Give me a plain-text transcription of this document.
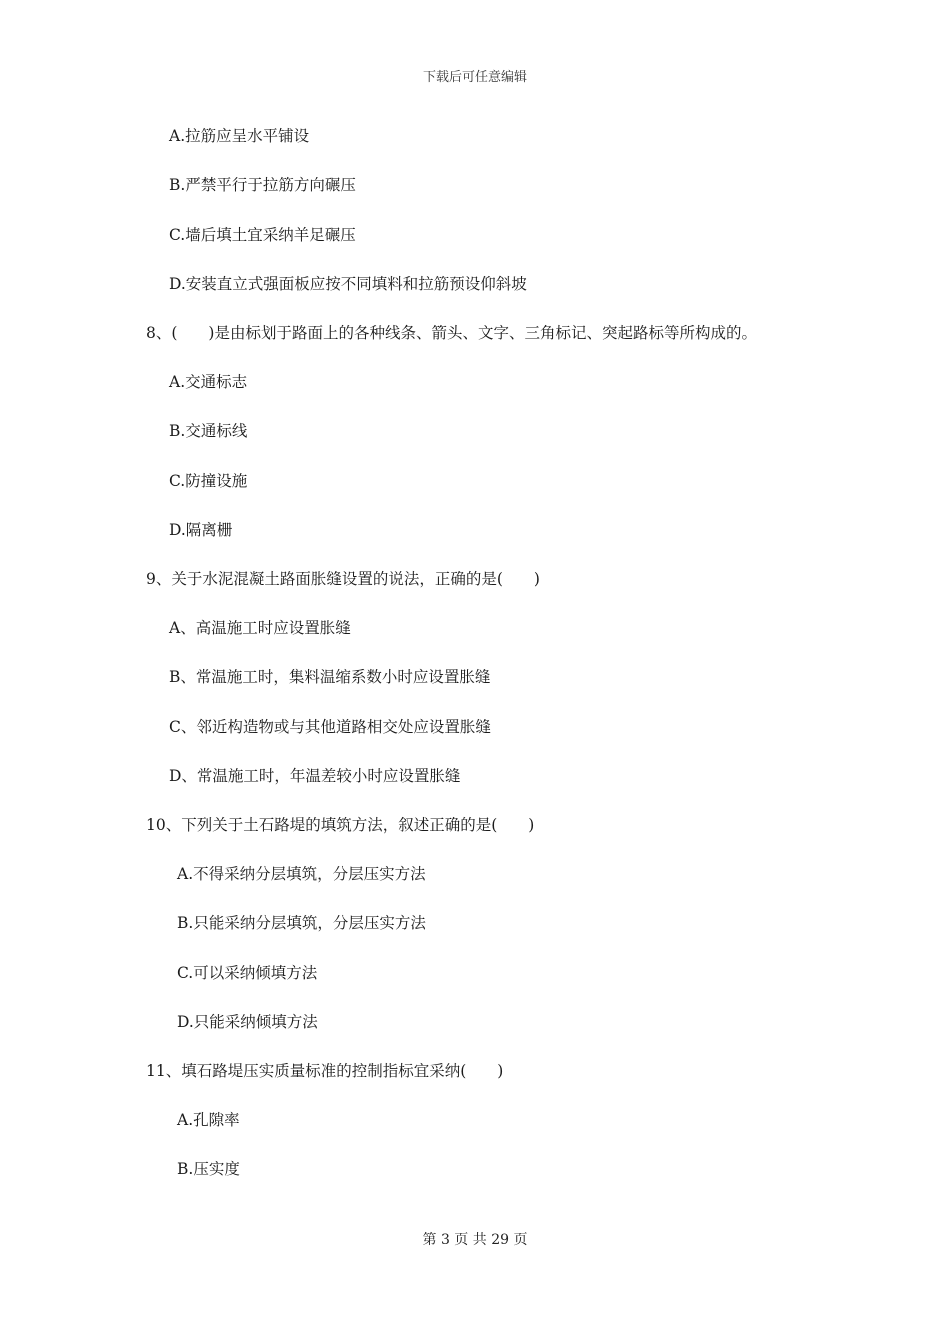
下载后可任意编辑
A.拉筋应呈水平铺设
B.严禁平行于拉筋方向碾压
C.墙后填土宜采纳羊足碾压
D.安装直立式强面板应按不同填料和拉筋预设仰斜坡
8、(　　)是由标划于路面上的各种线条、箭头、文字、三角标记、突起路标等所构成的。
A.交通标志
B.交通标线
C.防撞设施
D.隔离栅
9、关于水泥混凝土路面胀缝设置的说法，正确的是(　　)
A、高温施工时应设置胀缝
B、常温施工时，集料温缩系数小时应设置胀缝
C、邻近构造物或与其他道路相交处应设置胀缝
D、常温施工时，年温差较小时应设置胀缝
10、下列关于土石路堤的填筑方法，叙述正确的是(　　)
A.不得采纳分层填筑，分层压实方法
B.只能采纳分层填筑，分层压实方法
C.可以采纳倾填方法
D.只能采纳倾填方法
11、填石路堤压实质量标准的控制指标宜采纳(　　)
A.孔隙率
B.压实度
第 3 页 共 29 页
